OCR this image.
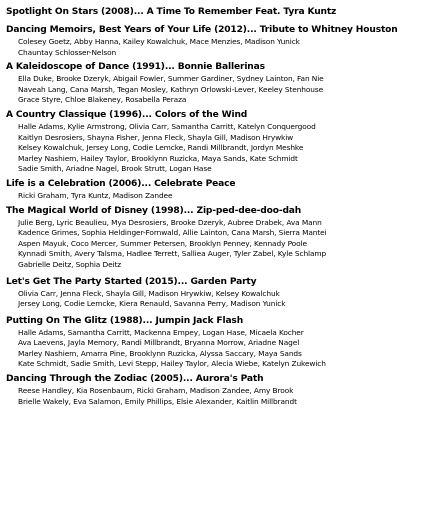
Spotlight On Stars (2008)... A Time To Remember Feat. Tyra Kuntz
Dancing Memoirs, Best Years of Your Life (2012)... Tribute to Whitney Houston
Colesey Goetz, Abby Hanna, Kailey Kowalchuk, Mace Menzies, Madison Yunick
Chauntay Schlosser-Nelson
A Kaleidoscope of Dance (1991)... Bonnie Ballerinas
Ella Duke, Brooke Dzeryk, Abigail Fowler, Summer Gardiner, Sydney Lainton, Fan Nie
Naveah Lang, Cana Marsh, Tegan Mosley, Kathryn Orlowski-Lever, Keeley Stenhouse
Grace Styre, Chloe Blakeney, Rosabella Peraza
A Country Classique (1996)... Colors of the Wind
Halle Adams, Kylie Armstrong, Olivia Carr, Samantha Carritt, Katelyn Conquergood
Kaitlyn Desrosiers, Shayna Fisher, Jenna Fleck, Shayla Gill, Madison Hrywkiw
Kelsey Kowalchuk, Jersey Long, Codie Lemcke, Randi Millbrandt, Jordyn Meshke
Marley Nashiem, Hailey Taylor, Brooklynn Ruzicka, Maya Sands, Kate Schmidt
Sadie Smith, Ariadne Nagel, Brook Strutt, Logan Hase
Life is a Celebration (2006)... Celebrate Peace
Ricki Graham, Tyra Kuntz, Madison Zandee
The Magical World of Disney (1998)... Zip-ped-dee-doo-dah
Julie Berg, Lyric Beaulieu, Mya Desrosiers, Brooke Dzeryk, Aubree Drabek, Ava Mann
Kadence Grimes, Sophia Heldinger-Fornwald, Allie Lainton, Cana Marsh, Sierra Mantei
Aspen Mayuk, Coco Mercer, Summer Petersen, Brooklyn Penney, Kennady Poole
Kynnadi Smith, Avery Talsma, Hadlee Terrett, Salliea Auger, Tyler Zabel, Kyle Schlamp
Gabrielle Deitz, Sophia Deitz
Let's Get The Party Started (2015)... Garden Party
Olivia Carr, Jenna Fleck, Shayla Gill, Madison Hrywkiw, Kelsey Kowalchuk
Jersey Long, Codie Lemcke, Kiera Renauld, Savanna Perry, Madison Yunick
Putting On The Glitz (1988)... Jumpin Jack Flash
Halle Adams, Samantha Carritt, Mackenna Empey, Logan Hase, Micaela Kocher
Ava Laevens, Jayla Memory, Randi Millbrandt, Bryanna Morrow, Ariadne Nagel
Marley Nashiem, Amarra Pine, Brooklynn Ruzicka, Alyssa Saccary, Maya Sands
Kate Schmidt, Sadie Smith, Levi Stepp, Hailey Taylor, Alecia Wiebe, Katelyn Zukewich
Dancing Through the Zodiac (2005)... Aurora's Path
Reese Handley, Kia Rosenbaum, Ricki Graham, Madison Zandee, Amy Brook
Brielle Wakely, Eva Salamon, Emily Phillips, Elsie Alexander, Kaitlin Millbrandt
